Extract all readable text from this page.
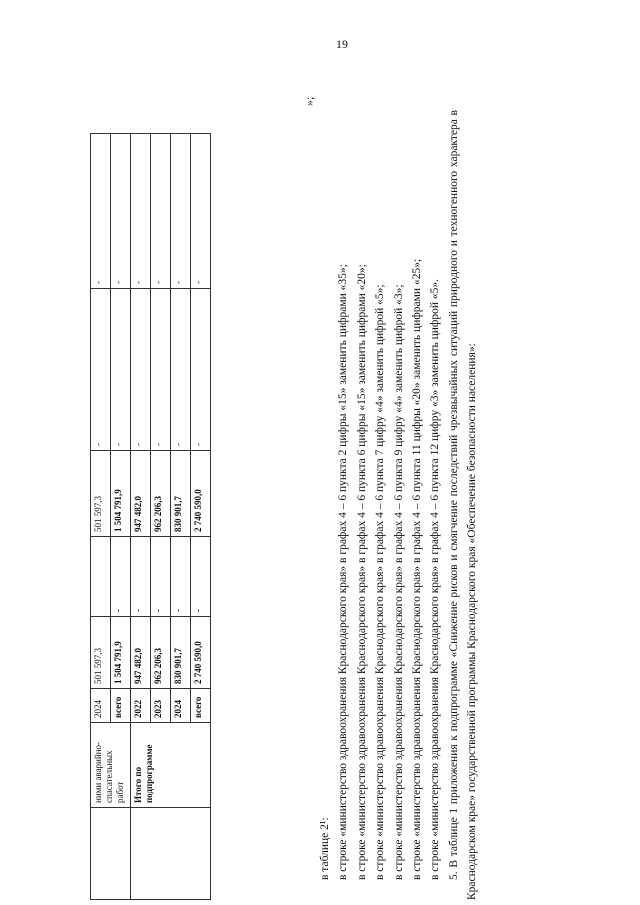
19
	ними аварийно-спасательных работ	2024	501 597,3		501 597,3	-	-
		всего	1 504 791,9	-	1 504 791,9	-	-
	Итого по подпрограмме	2022	947 482,0	-	947 482,0	-	-
		2023	962 206,3	-	962 206,3	-	-
		2024	830 901,7	-	830 901,7	-	-
		всего	2 740 590,0	-	2 740 590,0	-	-
»;

в таблице 2¹: в строке «министерство здравоохранения Краснодарского края» в графах 4 – 6 пункта 2 цифры «15» заменить цифрами «35»; в строке «министерство здравоохранения Краснодарского края» в графах 4 – 6 пункта 6 цифры «15» заменить цифрами «20»; в строке «министерство здравоохранения Краснодарского края» в графах 4 – 6 пункта 7 цифру «4» заменить цифрой «5»; в строке «министерство здравоохранения Краснодарского края» в графах 4 – 6 пункта 9 цифру «4» заменить цифрой «3»; в строке «министерство здравоохранения Краснодарского края» в графах 4 – 6 пункта 11 цифры «20» заменить цифрами «25»; в строке «министерство здравоохранения Краснодарского края» в графах 4 – 6 пункта 12 цифру «3» заменить цифрой «5». 5. В таблице 1 приложения к подпрограмме «Снижение рисков и смягчение последствий чрезвычайных ситуаций природного и техногенного характера в Краснодарском крае» государственной программы Краснодарского края «Обеспечение безопасности населения»:
